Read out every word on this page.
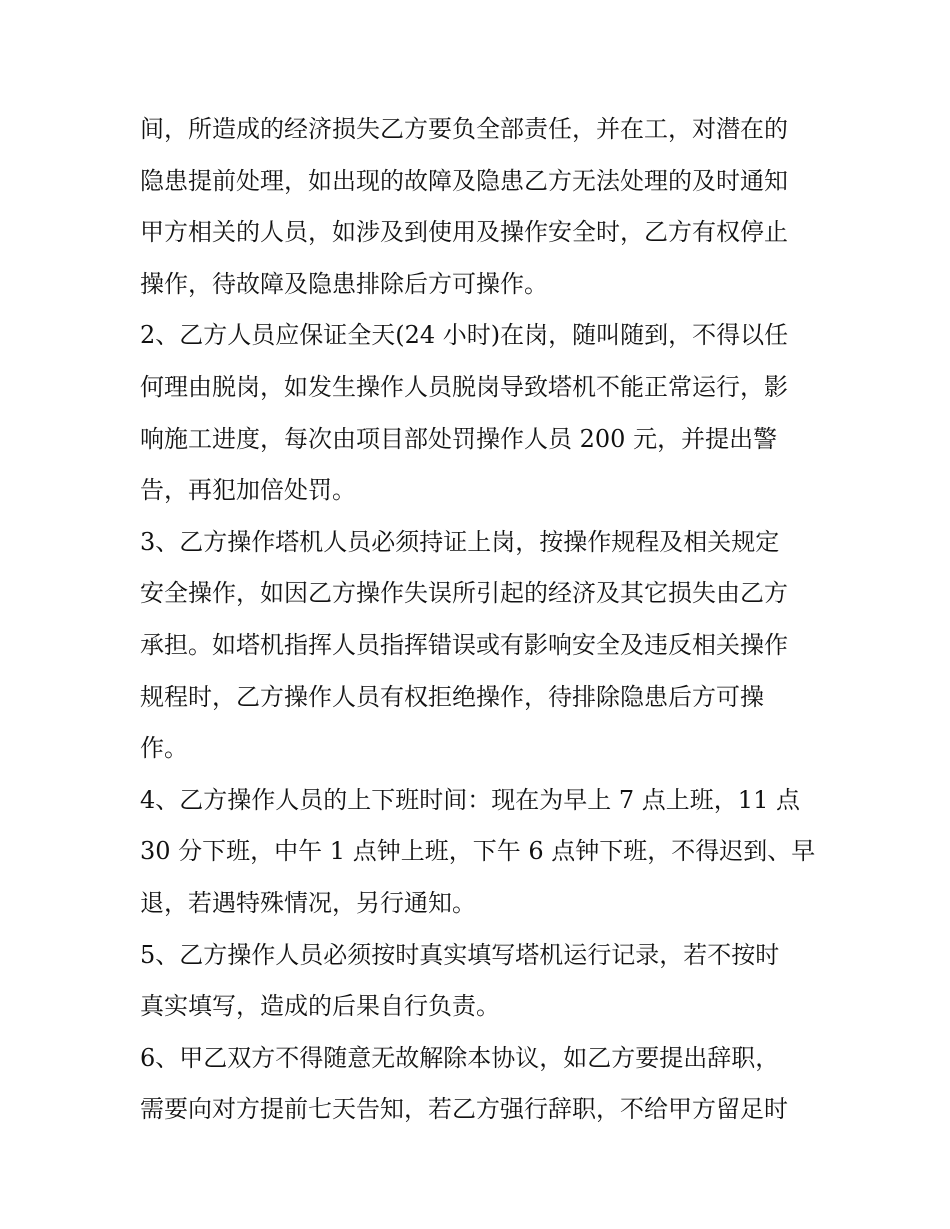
间，所造成的经济损失乙方要负全部责任，并在工，对潜在的
隐患提前处理，如出现的故障及隐患乙方无法处理的及时通知
甲方相关的人员，如涉及到使用及操作安全时，乙方有权停止
操作，待故障及隐患排除后方可操作。
2、乙方人员应保证全天(24 小时)在岗，随叫随到，不得以任
何理由脱岗，如发生操作人员脱岗导致塔机不能正常运行，影
响施工进度，每次由项目部处罚操作人员 200 元，并提出警
告，再犯加倍处罚。
3、乙方操作塔机人员必须持证上岗，按操作规程及相关规定
安全操作，如因乙方操作失误所引起的经济及其它损失由乙方
承担。如塔机指挥人员指挥错误或有影响安全及违反相关操作
规程时，乙方操作人员有权拒绝操作，待排除隐患后方可操
作。
4、乙方操作人员的上下班时间：现在为早上 7 点上班，11 点
30 分下班，中午 1 点钟上班，下午 6 点钟下班，不得迟到、早
退，若遇特殊情况，另行通知。
5、乙方操作人员必须按时真实填写塔机运行记录，若不按时
真实填写，造成的后果自行负责。
6、甲乙双方不得随意无故解除本协议，如乙方要提出辞职，
需要向对方提前七天告知，若乙方强行辞职，不给甲方留足时
